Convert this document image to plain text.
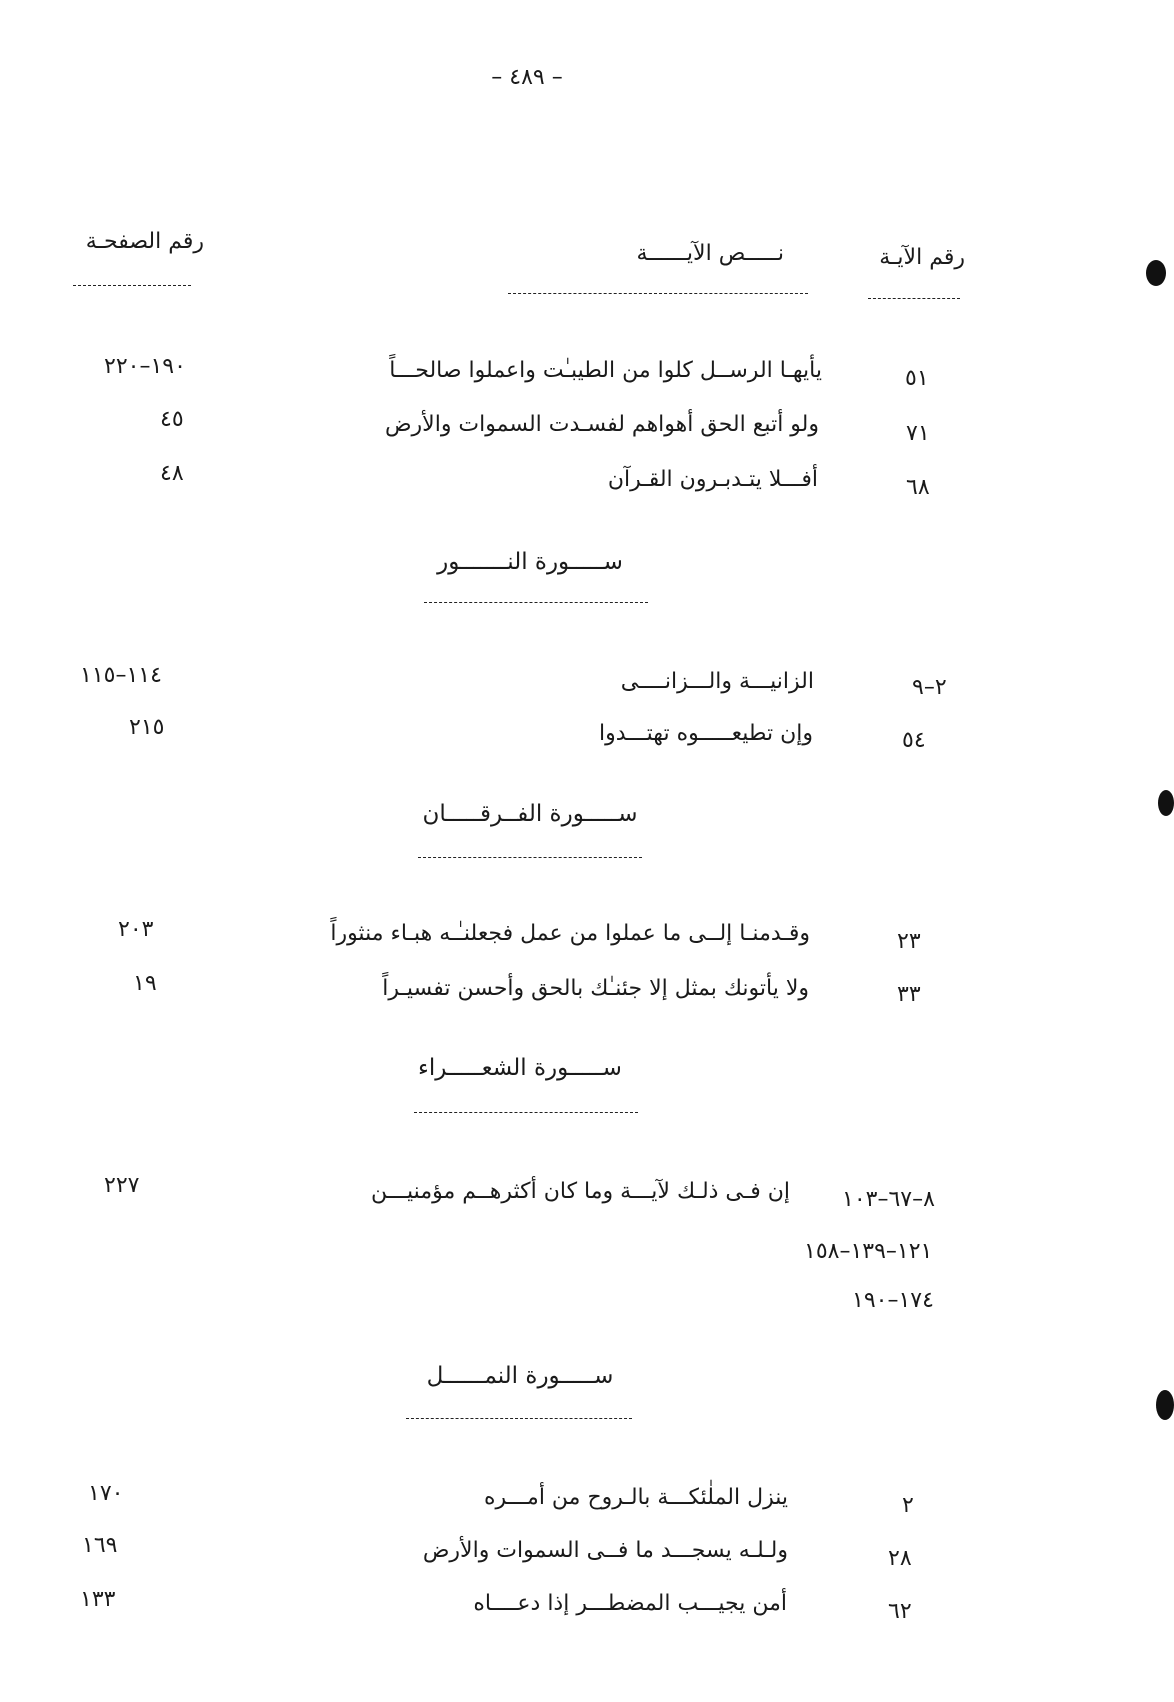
– ٤٨٩ –
رقم الصفحـة	نـــــص الآيــــــة	رقم الآيـة
٥١
يأيهـا الرســل كلوا من الطيبـٰت واعملوا صالحـــاً
١٩٠–٢٢٠
٧١
ولو أتبع الحق أهواهم لفسـدت السموات والأرض
٤٥
٦٨
أفـــلا يتـدبـرون القـرآن
٤٨
ســـــورة النـــــــور
٢–٩
الزانيـــة والـــزانــــى
١١٤–١١٥
٥٤
وإن تطيعـــــوه تهتـــدوا
٢١٥
ســـــورة الفــرقـــــان
٢٣
وقـدمنـا إلــى ما عملوا من عمل فجعلنـٰـه هبـاء منثوراً
٢٠٣
٣٣
ولا يأتونك بمثل إلا جئنـٰك بالحق وأحسن تفسيـراً
١٩
ســـــورة الشعـــــراء
٨–٦٧–١٠٣
إن فـى ذلـك لآيـــة وما كان أكثرهــم مؤمنيـــن
٢٢٧
١٢١–١٣٩–١٥٨
١٧٤–١٩٠
ســـــورة النمــــــل
٢
ينزل الملٰئكـــة بالـروح من أمـــره
١٧٠
٢٨
ولـلـه يسجـــد ما فــى السموات والأرض
١٦٩
٦٢
أمن يجيـــب المضطـــر إذا دعــــاه
١٣٣
